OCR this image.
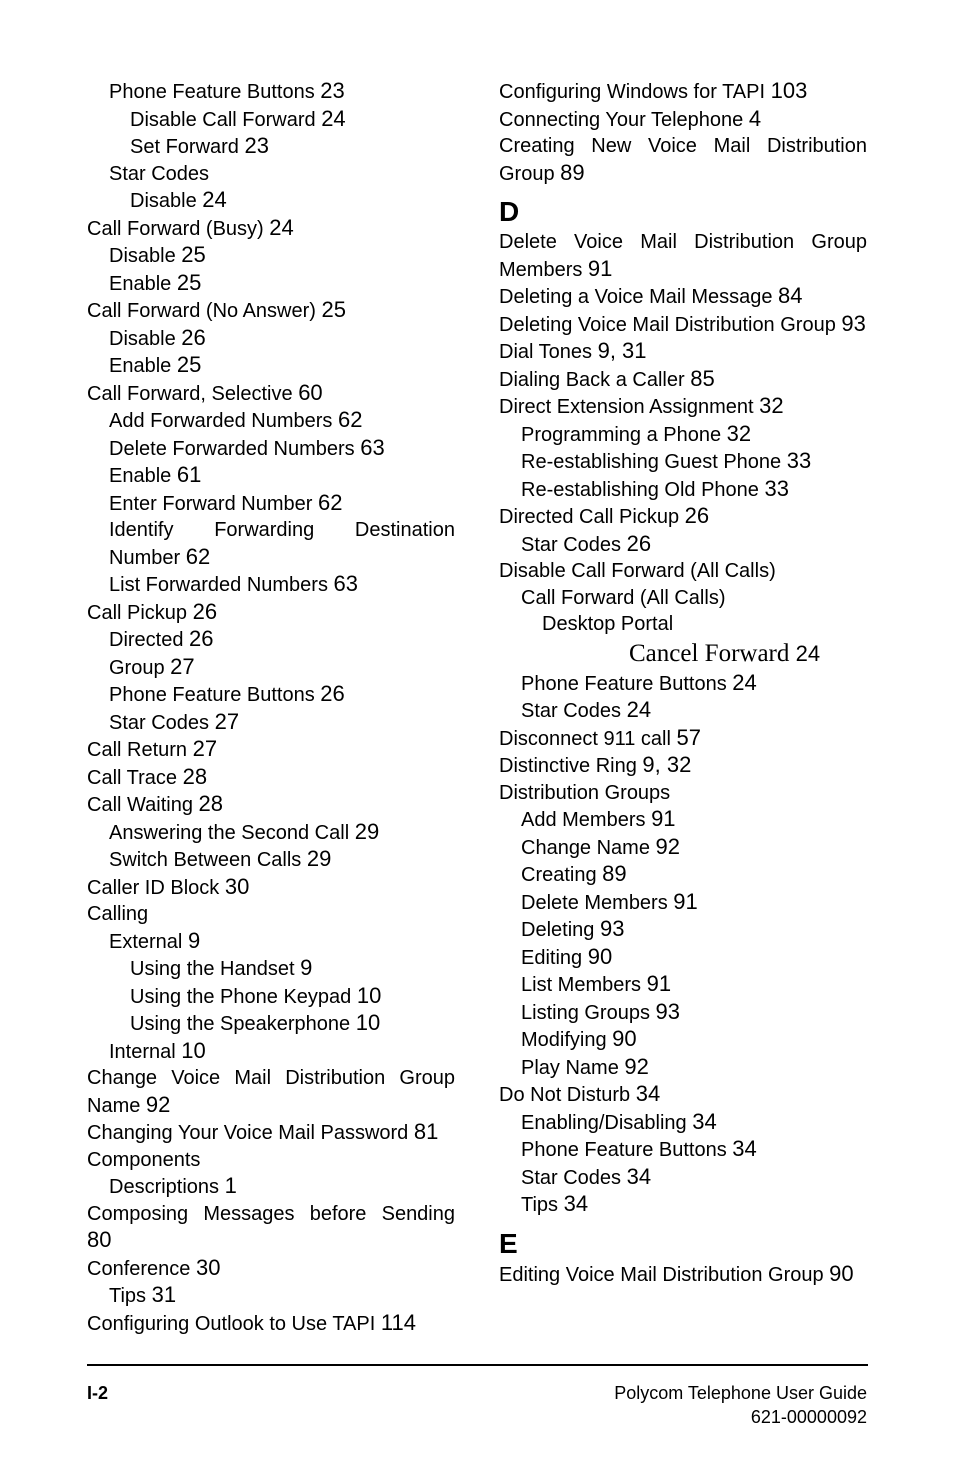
Phone Feature Buttons 23
Disable Call Forward 24
Set Forward 23
Star Codes
Disable 24
Call Forward (Busy) 24
Disable 25
Enable 25
Call Forward (No Answer) 25
Disable 26
Enable 25
Call Forward, Selective 60
Add Forwarded Numbers 62
Delete Forwarded Numbers 63
Enable 61
Enter Forward Number 62
Identify Forwarding Destination Number 62
List Forwarded Numbers 63
Call Pickup 26
Directed 26
Group 27
Phone Feature Buttons 26
Star Codes 27
Call Return 27
Call Trace 28
Call Waiting 28
Answering the Second Call 29
Switch Between Calls 29
Caller ID Block 30
Calling
External 9
Using the Handset 9
Using the Phone Keypad 10
Using the Speakerphone 10
Internal 10
Change Voice Mail Distribution Group Name 92
Changing Your Voice Mail Password 81
Components
Descriptions 1
Composing Messages before Sending 80
Conference 30
Tips 31
Configuring Outlook to Use TAPI 114
Configuring Windows for TAPI 103
Connecting Your Telephone 4
Creating New Voice Mail Distribution Group 89
D
Delete Voice Mail Distribution Group Members 91
Deleting a Voice Mail Message 84
Deleting Voice Mail Distribution Group 93
Dial Tones 9, 31
Dialing Back a Caller 85
Direct Extension Assignment 32
Programming a Phone 32
Re-establishing Guest Phone 33
Re-establishing Old Phone 33
Directed Call Pickup 26
Star Codes 26
Disable Call Forward (All Calls)
Call Forward (All Calls)
Desktop Portal
Cancel Forward 24
Phone Feature Buttons 24
Star Codes 24
Disconnect 911 call 57
Distinctive Ring 9, 32
Distribution Groups
Add Members 91
Change Name 92
Creating 89
Delete Members 91
Deleting 93
Editing 90
List Members 91
Listing Groups 93
Modifying 90
Play Name 92
Do Not Disturb 34
Enabling/Disabling 34
Phone Feature Buttons 34
Star Codes 34
Tips 34
E
Editing Voice Mail Distribution Group 90
I-2	Polycom Telephone User Guide
621-00000092
